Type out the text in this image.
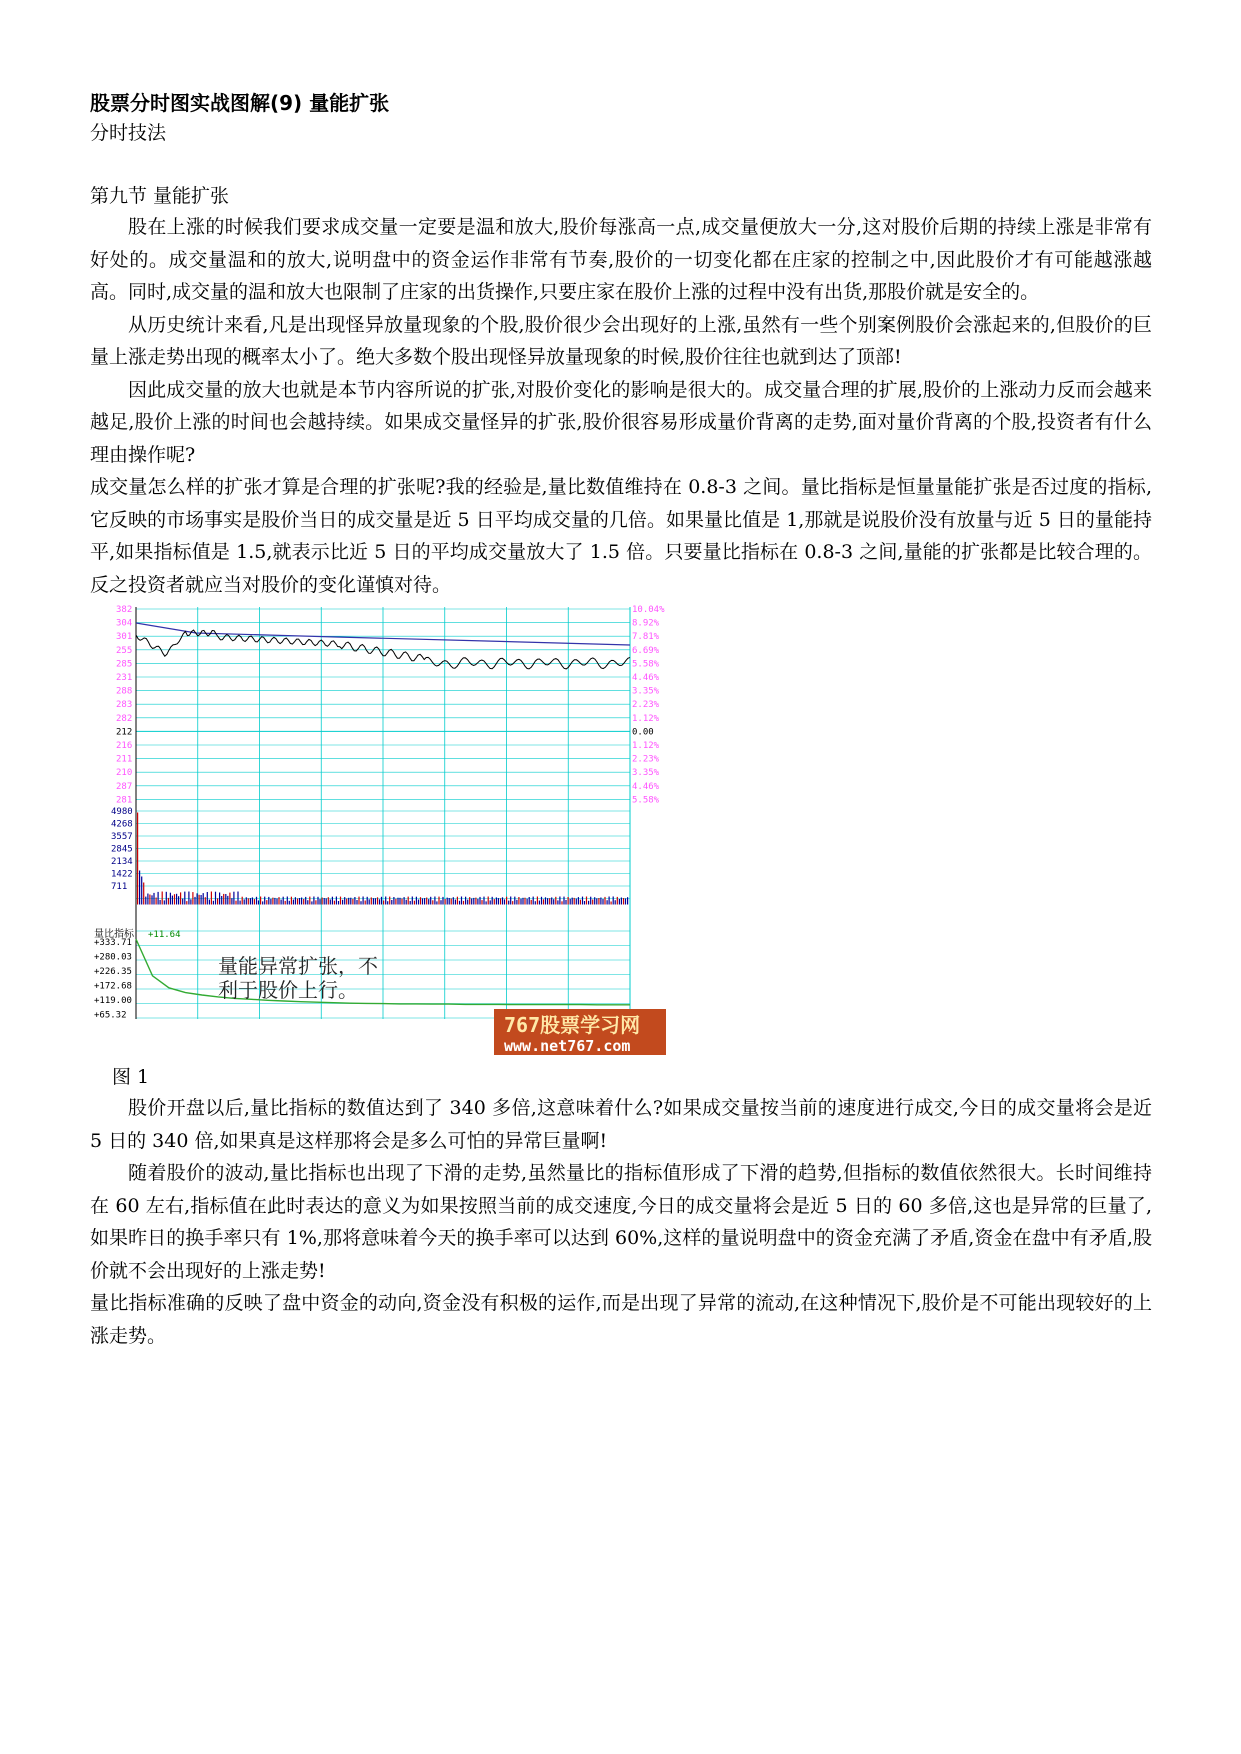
股票分时图实战图解(9) 量能扩张

分时技法

第九节 量能扩张

股在上涨的时候我们要求成交量一定要是温和放大,股价每涨高一点,成交量便放大一分,这对股价后期的持续上涨是非常有好处的。成交量温和的放大,说明盘中的资金运作非常有节奏,股价的一切变化都在庄家的控制之中,因此股价才有可能越涨越高。同时,成交量的温和放大也限制了庄家的出货操作,只要庄家在股价上涨的过程中没有出货,那股价就是安全的。

从历史统计来看,凡是出现怪异放量现象的个股,股价很少会出现好的上涨,虽然有一些个别案例股价会涨起来的,但股价的巨量上涨走势出现的概率太小了。绝大多数个股出现怪异放量现象的时候,股价往往也就到达了顶部!

因此成交量的放大也就是本节内容所说的扩张,对股价变化的影响是很大的。成交量合理的扩展,股价的上涨动力反而会越来越足,股价上涨的时间也会越持续。如果成交量怪异的扩张,股价很容易形成量价背离的走势,面对量价背离的个股,投资者有什么理由操作呢?

成交量怎么样的扩张才算是合理的扩张呢?我的经验是,量比数值维持在 0.8-3 之间。量比指标是恒量量能扩张是否过度的指标,它反映的市场事实是股价当日的成交量是近 5 日平均成交量的几倍。如果量比值是 1,那就是说股价没有放量与近 5 日的量能持平,如果指标值是 1.5,就表示比近 5 日的平均成交量放大了 1.5 倍。只要量比指标在 0.8-3 之间,量能的扩张都是比较合理的。反之投资者就应当对股价的变化谨慎对待。

382
304
301
255
285
231
288
283
282
212
216
211
210
287
281
10.04%
8.92%
7.81%
6.69%
5.58%
4.46%
3.35%
2.23%
1.12%
0.00
1.12%
2.23%
3.35%
4.46%
5.58%
4980
4268
3557
2845
2134
1422
711
+333.71
+280.03
+226.35
+172.68
+119.00
+65.32
量比指标 +11.64
量能异常扩张，不
利于股价上行。
767股票学习网
www.net767.com

图 1

股价开盘以后,量比指标的数值达到了 340 多倍,这意味着什么?如果成交量按当前的速度进行成交,今日的成交量将会是近 5 日的 340 倍,如果真是这样那将会是多么可怕的异常巨量啊!

随着股价的波动,量比指标也出现了下滑的走势,虽然量比的指标值形成了下滑的趋势,但指标的数值依然很大。长时间维持在 60 左右,指标值在此时表达的意义为如果按照当前的成交速度,今日的成交量将会是近 5 日的 60 多倍,这也是异常的巨量了,如果昨日的换手率只有 1%,那将意味着今天的换手率可以达到 60%,这样的量说明盘中的资金充满了矛盾,资金在盘中有矛盾,股价就不会出现好的上涨走势!

量比指标准确的反映了盘中资金的动向,资金没有积极的运作,而是出现了异常的流动,在这种情况下,股价是不可能出现较好的上涨走势。
